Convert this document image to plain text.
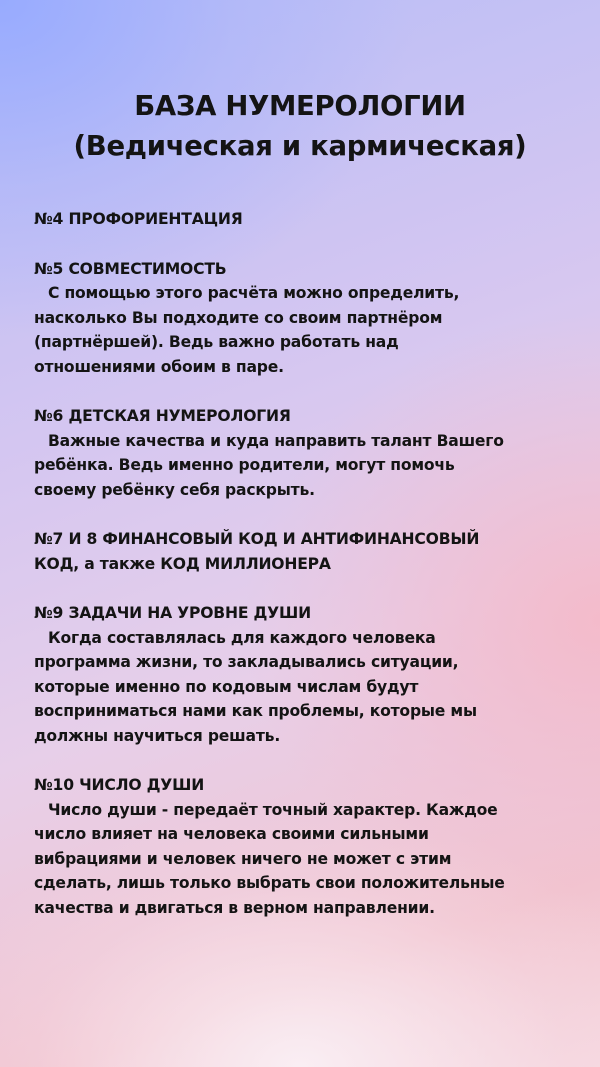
БАЗА НУМЕРОЛОГИИ
(Ведическая и кармическая)
№4 ПРОФОРИЕНТАЦИЯ
№5 СОВМЕСТИМОСТЬ
С помощью этого расчёта можно определить,
насколько Вы подходите со своим партнёром
(партнёршей). Ведь важно работать над
отношениями обоим в паре.
№6 ДЕТСКАЯ НУМЕРОЛОГИЯ
Важные качества и куда направить талант Вашего
ребёнка. Ведь именно родители, могут помочь
своему ребёнку себя раскрыть.
№7 И 8 ФИНАНСОВЫЙ КОД И АНТИФИНАНСОВЫЙ
КОД, а также КОД МИЛЛИОНЕРА
№9 ЗАДАЧИ НА УРОВНЕ ДУШИ
Когда составлялась для каждого человека
программа жизни, то закладывались ситуации,
которые именно по кодовым числам будут
восприниматься нами как проблемы, которые мы
должны научиться решать.
№10 ЧИСЛО ДУШИ
Число души - передаёт точный характер. Каждое
число влияет на человека своими сильными
вибрациями и человек ничего не может с этим
сделать, лишь только выбрать свои положительные
качества и двигаться в верном направлении.
